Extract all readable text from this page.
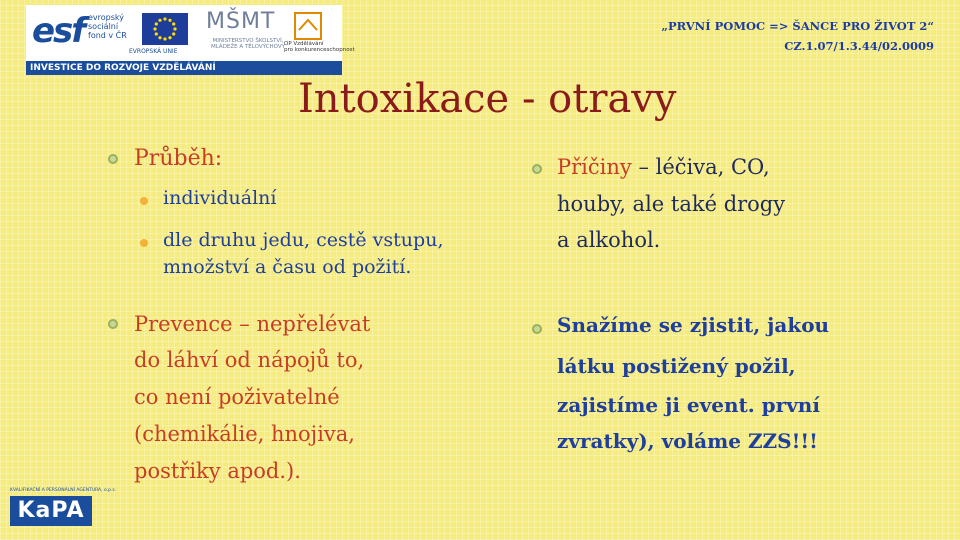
esf evropský
sociální
fond v ČR
EVROPSKÁ UNIE
MŠMT
MINISTERSTVO ŠKOLSTVÍ,
MLÁDEŽE A TĚLOVÝCHOVY OP Vzdělávání
pro konkurenceschopnost
INVESTICE DO ROZVOJE VZDĚLÁVÁNÍ
„PRVNÍ POMOC => ŠANCE PRO ŽIVOT 2“
CZ.1.07/1.3.44/02.0009
Intoxikace - otravy
Průběh:
individuální
dle druhu jedu, cestě vstupu,
množství a času od požití.
Prevence – nepřelévat
do láhví od nápojů to,
co není poživatelné
(chemikálie, hnojiva,
postřiky apod.).
Příčiny – léčiva, CO,
houby, ale také drogy
a alkohol.
Snažíme se zjistit, jakou
látku postižený požil,
zajistíme ji event. první
zvratky), voláme ZZS!!!
KVALIFIKAČNÍ A PERSONÁLNÍ AGENTURA, o.p.s.
KaPA
